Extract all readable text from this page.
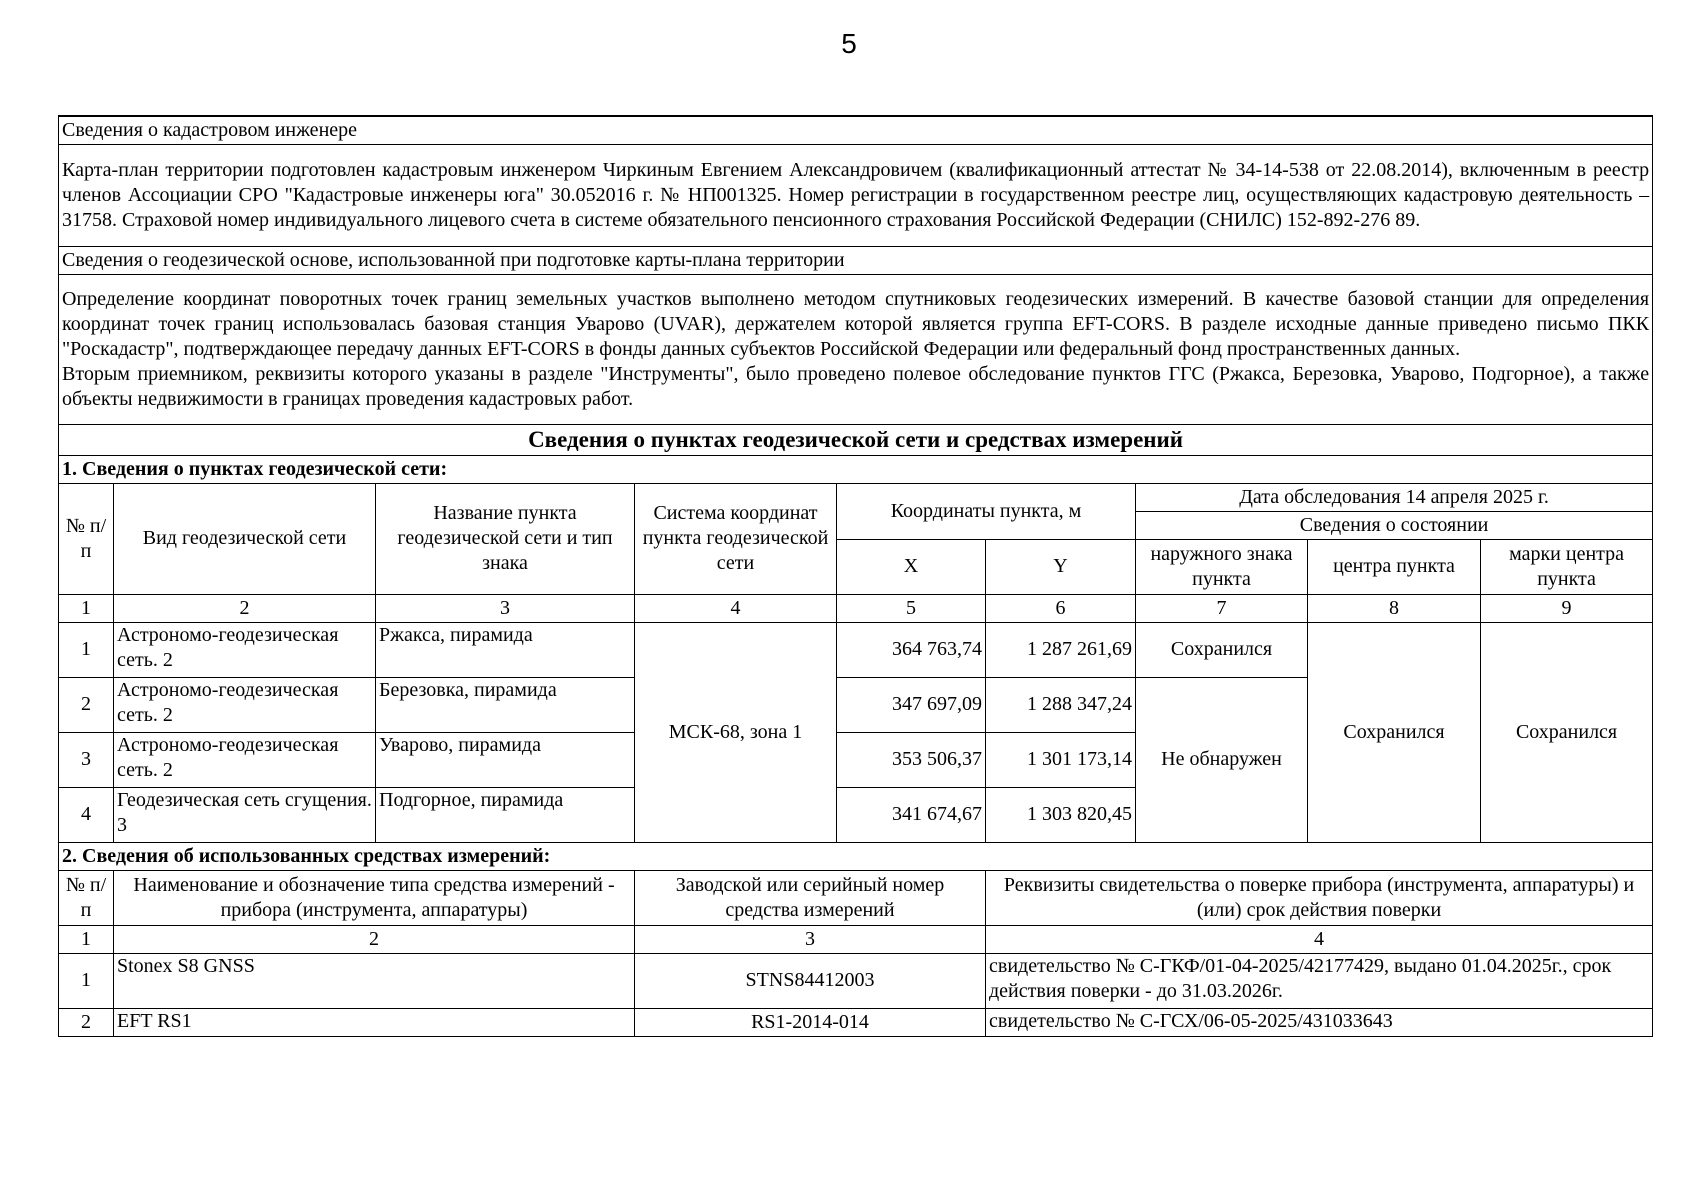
5
Сведения о кадастровом инженере								
Карта-план территории подготовлен кадастровым инженером Чиркиным Евгением Александровичем (квалификационный аттестат № 34-14-538 от 22.08.2014), включенным в реестр членов Ассоциации СРО "Кадастровые инженеры юга" 30.052016 г. № НП001325. Номер регистрации в государственном реестре лиц, осуществляющих кадастровую деятельность – 31758. Страховой номер индивидуального лицевого счета в системе обязательного пенсионного страхования Российской Федерации (СНИЛС) 152-892-276 89.								
Сведения о геодезической основе, использованной при подготовке карты-плана территории								

Определение координат поворотных точек границ земельных участков выполнено методом спутниковых геодезических измерений. В качестве базовой станции для определения координат точек границ использовалась базовая станция Уварово (UVAR), держателем которой является группа EFT-CORS. В разделе исходные данные приведено письмо ПКК "Роскадастр", подтверждающее передачу данных EFT-CORS в фонды данных субъектов Российской Федерации или федеральный фонд пространственных данных.
Вторым приемником, реквизиты которого указаны в разделе "Инструменты", было проведено полевое обследование пунктов ГГС (Ржакса, Березовка, Уварово, Подгорное), а также объекты недвижимости в границах проведения кадастровых работ.								

Сведения о пунктах геодезической сети и средствах измерений								
1. Сведения о пунктах геодезической сети:								
№ п/п	Вид геодезической сети	Название пункта геодезической сети и тип знака	Система координат пункта геодезической сети	Координаты пункта, м		Дата обследования 14 апреля 2025 г.		
						Сведения о состоянии		
				X	Y	наружного знака пункта	центра пункта	марки центра пункта
1	2	3	4	5	6	7	8	9
1	Астрономо-геодезическая сеть. 2	Ржакса, пирамида	МСК-68, зона 1	364 763,74	1 287 261,69	Сохранился	Сохранился	Сохранился
2	Астрономо-геодезическая сеть. 2	Березовка, пирамида		347 697,09	1 288 347,24	Не обнаружен		
3	Астрономо-геодезическая сеть. 2	Уварово, пирамида		353 506,37	1 301 173,14			
4	Геодезическая сеть сгущения. 3	Подгорное, пирамида		341 674,67	1 303 820,45			
2. Сведения об использованных средствах измерений:								
№ п/п	Наименование и обозначение типа средства измерений - прибора (инструмента, аппаратуры)		Заводской или серийный номер средства измерений		Реквизиты свидетельства о поверке прибора (инструмента, аппаратуры) и (или) срок действия поверки			
1	2		3		4			
1	Stonex S8 GNSS		STNS84412003		свидетельство № С-ГКФ/01-04-2025/42177429, выдано 01.04.2025г., срок действия поверки - до 31.03.2026г.			
2	EFT RS1		RS1-2014-014		свидетельство № С-ГСХ/06-05-2025/431033643			
